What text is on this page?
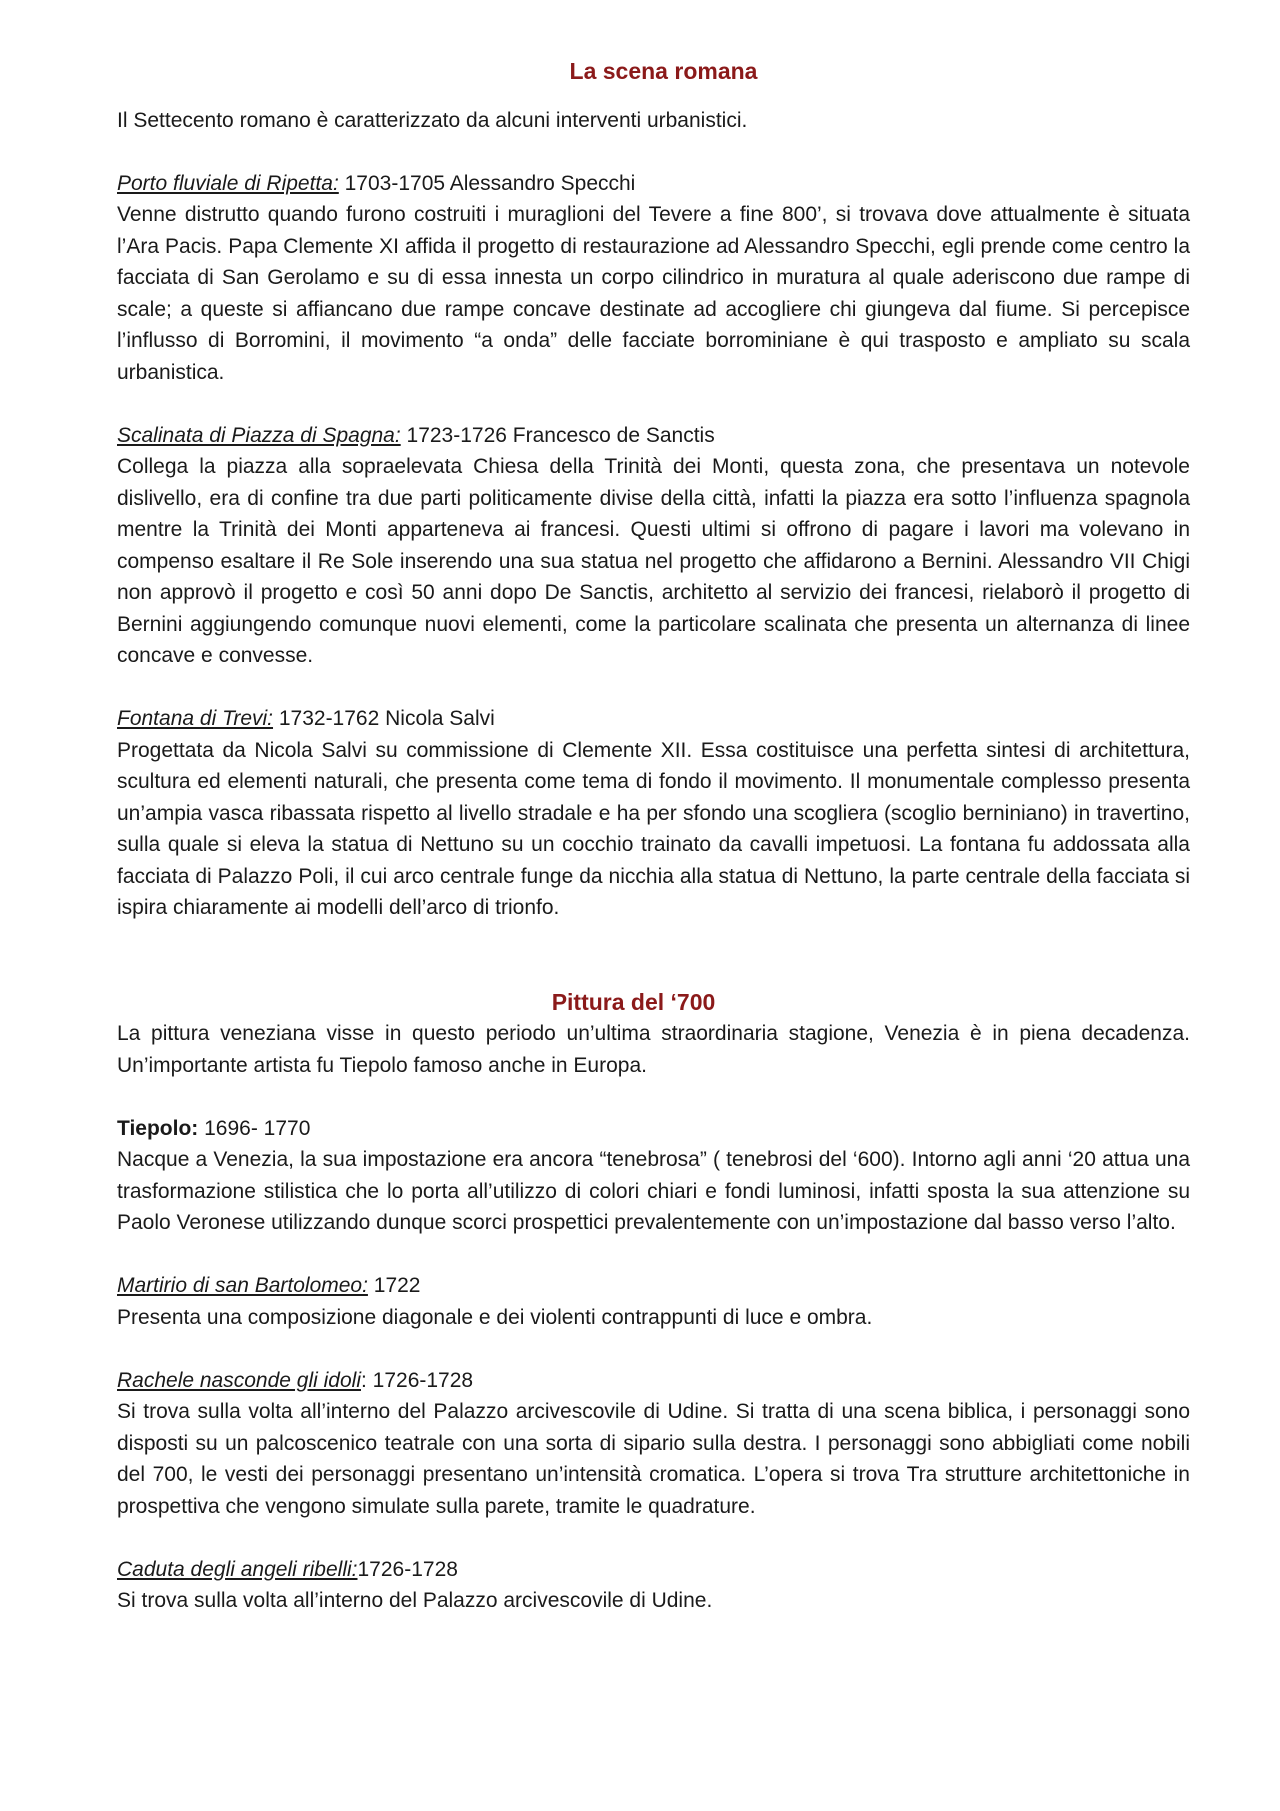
La scena romana

Il Settecento romano è caratterizzato da alcuni interventi urbanistici.

Porto fluviale di Ripetta: 1703-1705 Alessandro Specchi

Venne distrutto quando furono costruiti i muraglioni del Tevere a fine 800’, si trovava dove attualmente è situata l’Ara Pacis. Papa Clemente XI affida il progetto di restaurazione ad Alessandro Specchi, egli prende come centro la facciata di San Gerolamo e su di essa innesta un corpo cilindrico in muratura al quale aderiscono due rampe di scale; a queste si affiancano due rampe concave destinate ad accogliere chi giungeva dal fiume. Si percepisce l’influsso di Borromini, il movimento “a onda” delle facciate borrominiane è qui trasposto e ampliato su scala urbanistica.

Scalinata di Piazza di Spagna: 1723-1726 Francesco de Sanctis

Collega la piazza alla sopraelevata Chiesa della Trinità dei Monti, questa zona, che presentava un notevole dislivello, era di confine tra due parti politicamente divise della città, infatti la piazza era sotto l’influenza spagnola mentre la Trinità dei Monti apparteneva ai francesi. Questi ultimi si offrono di pagare i lavori ma volevano in compenso esaltare il Re Sole inserendo una sua statua nel progetto che affidarono a Bernini. Alessandro VII Chigi non approvò il progetto e così 50 anni dopo De Sanctis, architetto al servizio dei francesi, rielaborò il progetto di Bernini aggiungendo comunque nuovi elementi, come la particolare scalinata che presenta un alternanza di linee concave e convesse.

Fontana di Trevi: 1732-1762 Nicola Salvi

Progettata da Nicola Salvi su commissione di Clemente XII. Essa costituisce una perfetta sintesi di architettura, scultura ed elementi naturali, che presenta come tema di fondo il movimento. Il monumentale complesso presenta un’ampia vasca ribassata rispetto al livello stradale e ha per sfondo una scogliera (scoglio berniniano) in travertino, sulla quale si eleva la statua di Nettuno su un cocchio trainato da cavalli impetuosi. La fontana fu addossata alla facciata di Palazzo Poli, il cui arco centrale funge da nicchia alla statua di Nettuno, la parte centrale della facciata si ispira chiaramente ai modelli dell’arco di trionfo.

Pittura del ‘700

La pittura veneziana visse in questo periodo un’ultima straordinaria stagione, Venezia è in piena decadenza. Un’importante artista fu Tiepolo famoso anche in Europa.

Tiepolo: 1696- 1770

Nacque a Venezia, la sua impostazione era ancora “tenebrosa” ( tenebrosi del ‘600). Intorno agli anni ‘20 attua una trasformazione stilistica che lo porta all’utilizzo di colori chiari e fondi luminosi, infatti sposta la sua attenzione su Paolo Veronese utilizzando dunque scorci prospettici prevalentemente con un’impostazione dal basso verso l’alto.

Martirio di san Bartolomeo: 1722

Presenta una composizione diagonale e dei violenti contrappunti di luce e ombra.

Rachele nasconde gli idoli: 1726-1728

Si trova sulla volta all’interno del Palazzo arcivescovile di Udine. Si tratta di una scena biblica, i personaggi sono disposti su un palcoscenico teatrale con una sorta di sipario sulla destra. I personaggi sono abbigliati come nobili del 700, le vesti dei personaggi presentano un’intensità cromatica. L’opera si trova Tra strutture architettoniche in prospettiva che vengono simulate sulla parete, tramite le quadrature.

Caduta degli angeli ribelli:1726-1728

Si trova sulla volta all’interno del Palazzo arcivescovile di Udine.
